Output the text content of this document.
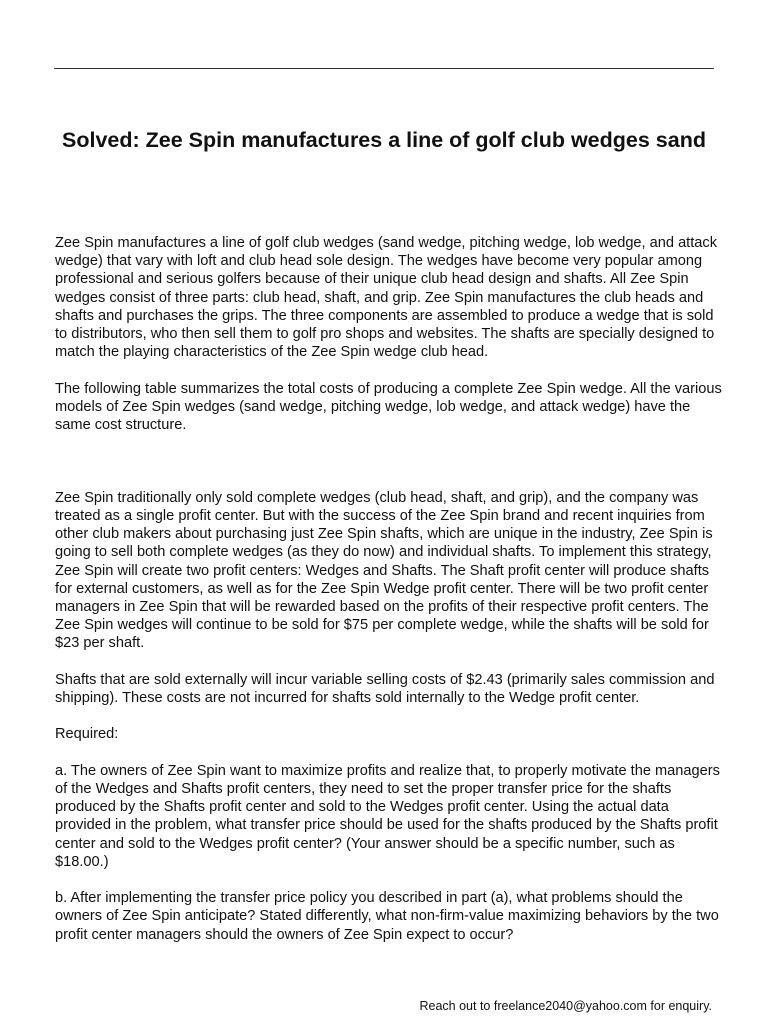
Solved: Zee Spin manufactures a line of golf club wedges sand

Zee Spin manufactures a line of golf club wedges (sand wedge, pitching wedge, lob wedge, and attack wedge) that vary with loft and club head sole design. The wedges have become very popular among professional and serious golfers because of their unique club head design and shafts. All Zee Spin wedges consist of three parts: club head, shaft, and grip. Zee Spin manufactures the club heads and shafts and purchases the grips. The three components are assembled to produce a wedge that is sold to distributors, who then sell them to golf pro shops and websites. The shafts are specially designed to match the playing characteristics of the Zee Spin wedge club head.

The following table summarizes the total costs of producing a complete Zee Spin wedge. All the various models of Zee Spin wedges (sand wedge, pitching wedge, lob wedge, and attack wedge) have the same cost structure.

Zee Spin traditionally only sold complete wedges (club head, shaft, and grip), and the company was treated as a single profit center. But with the success of the Zee Spin brand and recent inquiries from other club makers about purchasing just Zee Spin shafts, which are unique in the industry, Zee Spin is going to sell both complete wedges (as they do now) and individual shafts. To implement this strategy, Zee Spin will create two profit centers: Wedges and Shafts. The Shaft profit center will produce shafts for external customers, as well as for the Zee Spin Wedge profit center. There will be two profit center managers in Zee Spin that will be rewarded based on the profits of their respective profit centers. The Zee Spin wedges will continue to be sold for $75 per complete wedge, while the shafts will be sold for $23 per shaft.

Shafts that are sold externally will incur variable selling costs of $2.43 (primarily sales commission and shipping). These costs are not incurred for shafts sold internally to the Wedge profit center.

Required:

a. The owners of Zee Spin want to maximize profits and realize that, to properly motivate the managers of the Wedges and Shafts profit centers, they need to set the proper transfer price for the shafts produced by the Shafts profit center and sold to the Wedges profit center. Using the actual data provided in the problem, what transfer price should be used for the shafts produced by the Shafts profit center and sold to the Wedges profit center? (Your answer should be a specific number, such as $18.00.)

b. After implementing the transfer price policy you described in part (a), what problems should the owners of Zee Spin anticipate? Stated differently, what non-firm-value maximizing behaviors by the two profit center managers should the owners of Zee Spin expect to occur?

Reach out to freelance2040@yahoo.com for enquiry.
